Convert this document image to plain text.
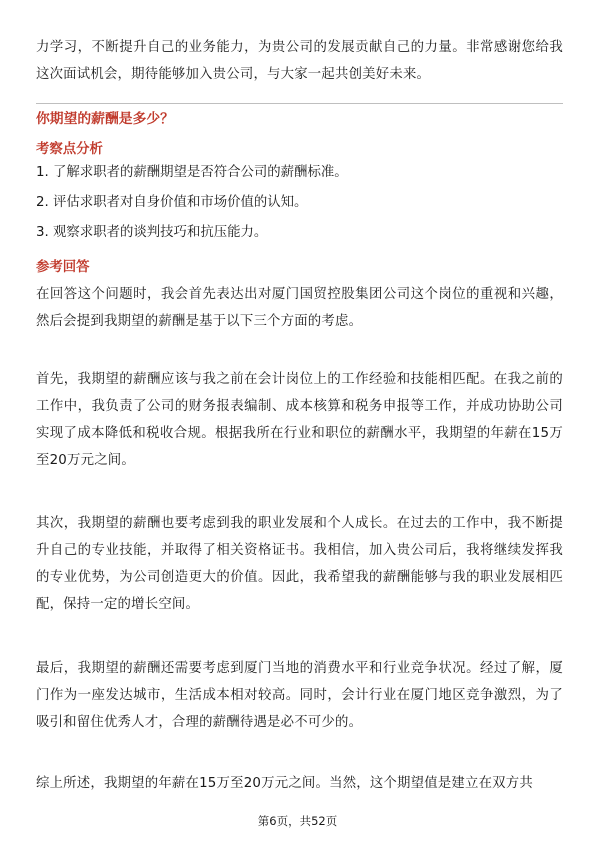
力学习，不断提升自己的业务能力，为贵公司的发展贡献自己的力量。非常感谢您给我这次面试机会，期待能够加入贵公司，与大家一起共创美好未来。

你期望的薪酬是多少？
考察点分析
1. 了解求职者的薪酬期望是否符合公司的薪酬标准。
2. 评估求职者对自身价值和市场价值的认知。
3. 观察求职者的谈判技巧和抗压能力。
参考回答

在回答这个问题时，我会首先表达出对厦门国贸控股集团公司这个岗位的重视和兴趣，然后会提到我期望的薪酬是基于以下三个方面的考虑。

首先，我期望的薪酬应该与我之前在会计岗位上的工作经验和技能相匹配。在我之前的工作中，我负责了公司的财务报表编制、成本核算和税务申报等工作，并成功协助公司实现了成本降低和税收合规。根据我所在行业和职位的薪酬水平，我期望的年薪在15万至20万元之间。

其次，我期望的薪酬也要考虑到我的职业发展和个人成长。在过去的工作中，我不断提升自己的专业技能，并取得了相关资格证书。我相信，加入贵公司后，我将继续发挥我的专业优势，为公司创造更大的价值。因此，我希望我的薪酬能够与我的职业发展相匹配，保持一定的增长空间。

最后，我期望的薪酬还需要考虑到厦门当地的消费水平和行业竞争状况。经过了解，厦门作为一座发达城市，生活成本相对较高。同时，会计行业在厦门地区竞争激烈，为了吸引和留住优秀人才，合理的薪酬待遇是必不可少的。

综上所述，我期望的年薪在15万至20万元之间。当然，这个期望值是建立在双方共

第6页，共52页
